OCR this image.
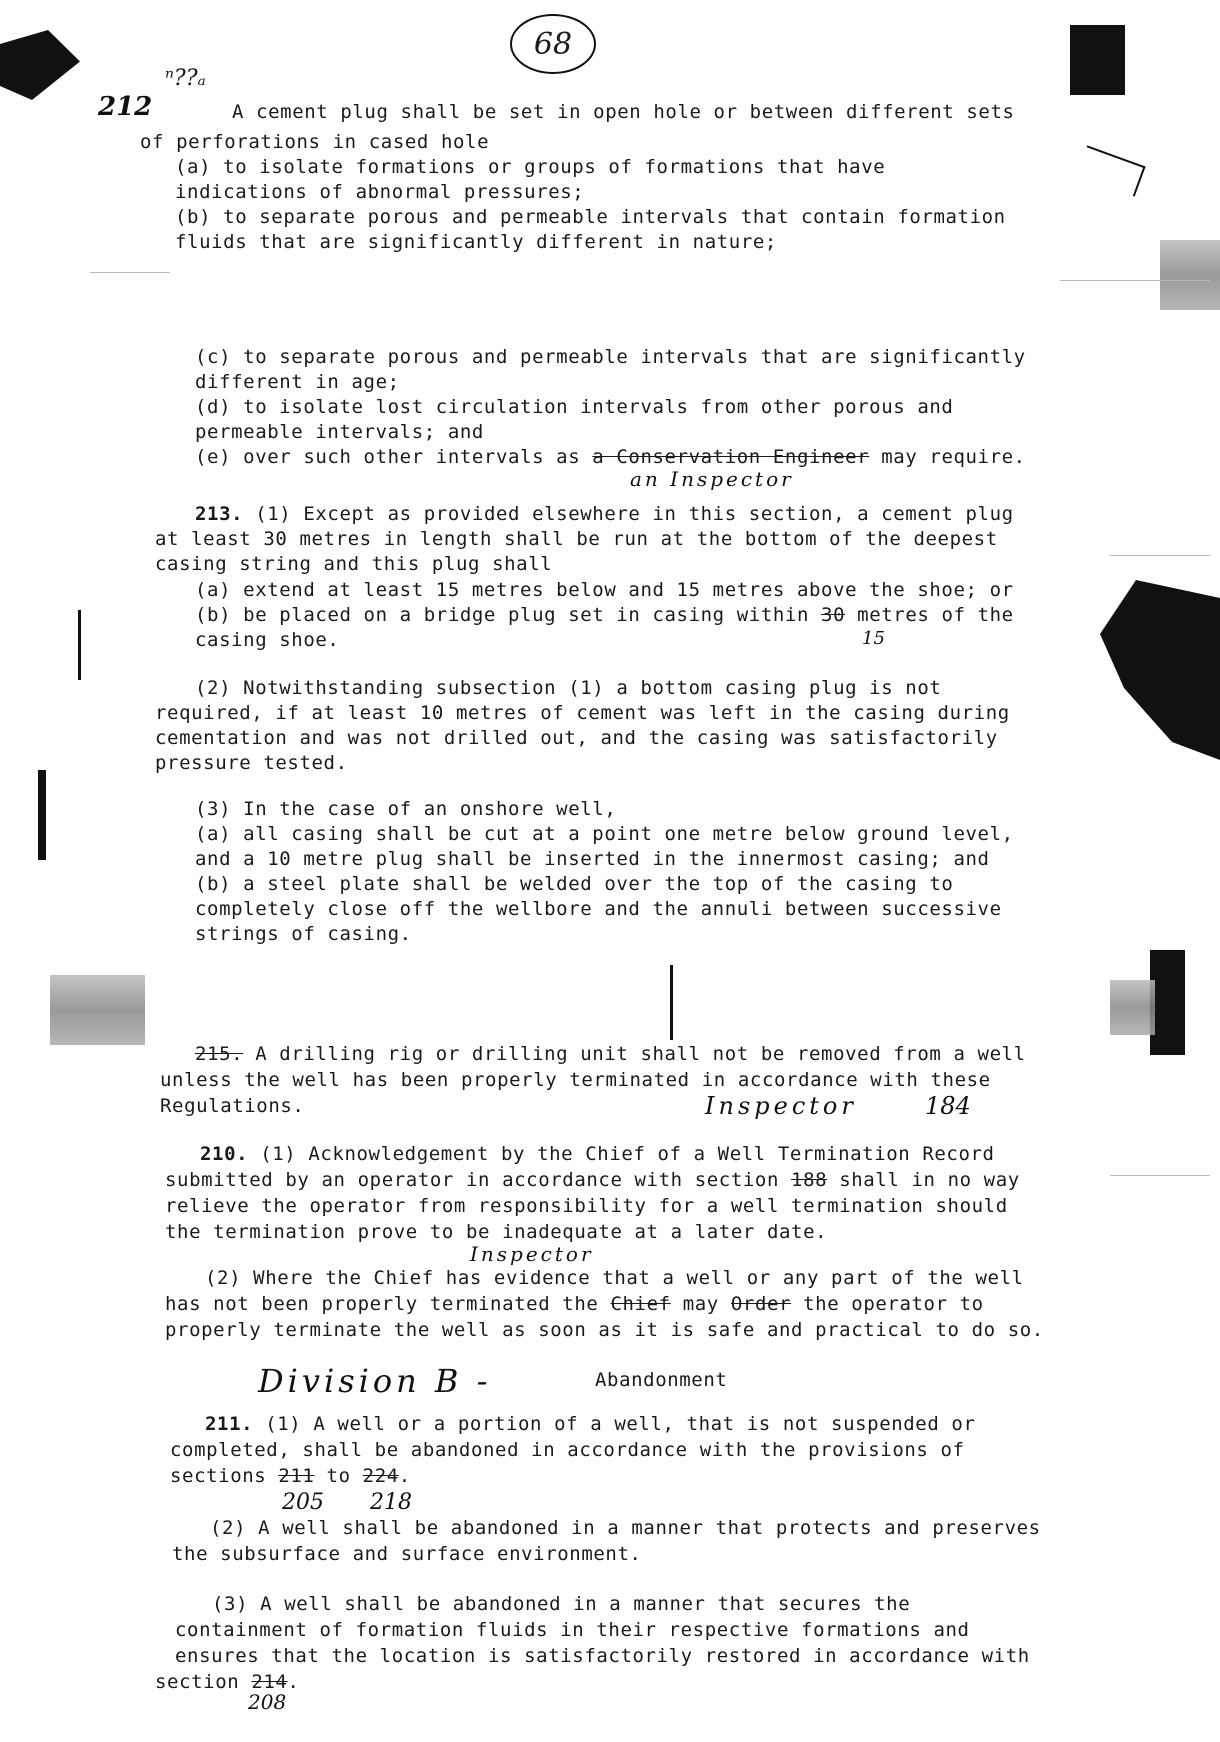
68
212
ⁿ??ₐ
A cement plug shall be set in open hole or between different sets
of perforations in cased hole
(a) to isolate formations or groups of formations that have
indications of abnormal pressures;
(b) to separate porous and permeable intervals that contain formation
fluids that are significantly different in nature;
(c) to separate porous and permeable intervals that are significantly
different in age;
(d) to isolate lost circulation intervals from other porous and
permeable intervals; and
(e) over such other intervals as a Conservation Engineer may require.
an Inspector
213. (1) Except as provided elsewhere in this section, a cement plug
at least 30 metres in length shall be run at the bottom of the deepest
casing string and this plug shall
(a) extend at least 15 metres below and 15 metres above the shoe; or
(b) be placed on a bridge plug set in casing within 30 metres of the
15
casing shoe.
(2) Notwithstanding subsection (1) a bottom casing plug is not
required, if at least 10 metres of cement was left in the casing during
cementation and was not drilled out, and the casing was satisfactorily
pressure tested.
(3) In the case of an onshore well,
(a) all casing shall be cut at a point one metre below ground level,
and a 10 metre plug shall be inserted in the innermost casing; and
(b) a steel plate shall be welded over the top of the casing to
completely close off the wellbore and the annuli between successive
strings of casing.
215. A drilling rig or drilling unit shall not be removed from a well
unless the well has been properly terminated in accordance with these
Regulations.	Inspector	184
210. (1) Acknowledgement by the Chief of a Well Termination Record
submitted by an operator in accordance with section 188 shall in no way
relieve the operator from responsibility for a well termination should
the termination prove to be inadequate at a later date.
Inspector
(2) Where the Chief has evidence that a well or any part of the well
has not been properly terminated the Chief may Order the operator to
properly terminate the well as soon as it is safe and practical to do so.
Division B -	Abandonment
211. (1) A well or a portion of a well, that is not suspended or
completed, shall be abandoned in accordance with the provisions of
sections 211 to 224.
205 218
(2) A well shall be abandoned in a manner that protects and preserves
the subsurface and surface environment.
(3) A well shall be abandoned in a manner that secures the
containment of formation fluids in their respective formations and
ensures that the location is satisfactorily restored in accordance with
section 214.
208
